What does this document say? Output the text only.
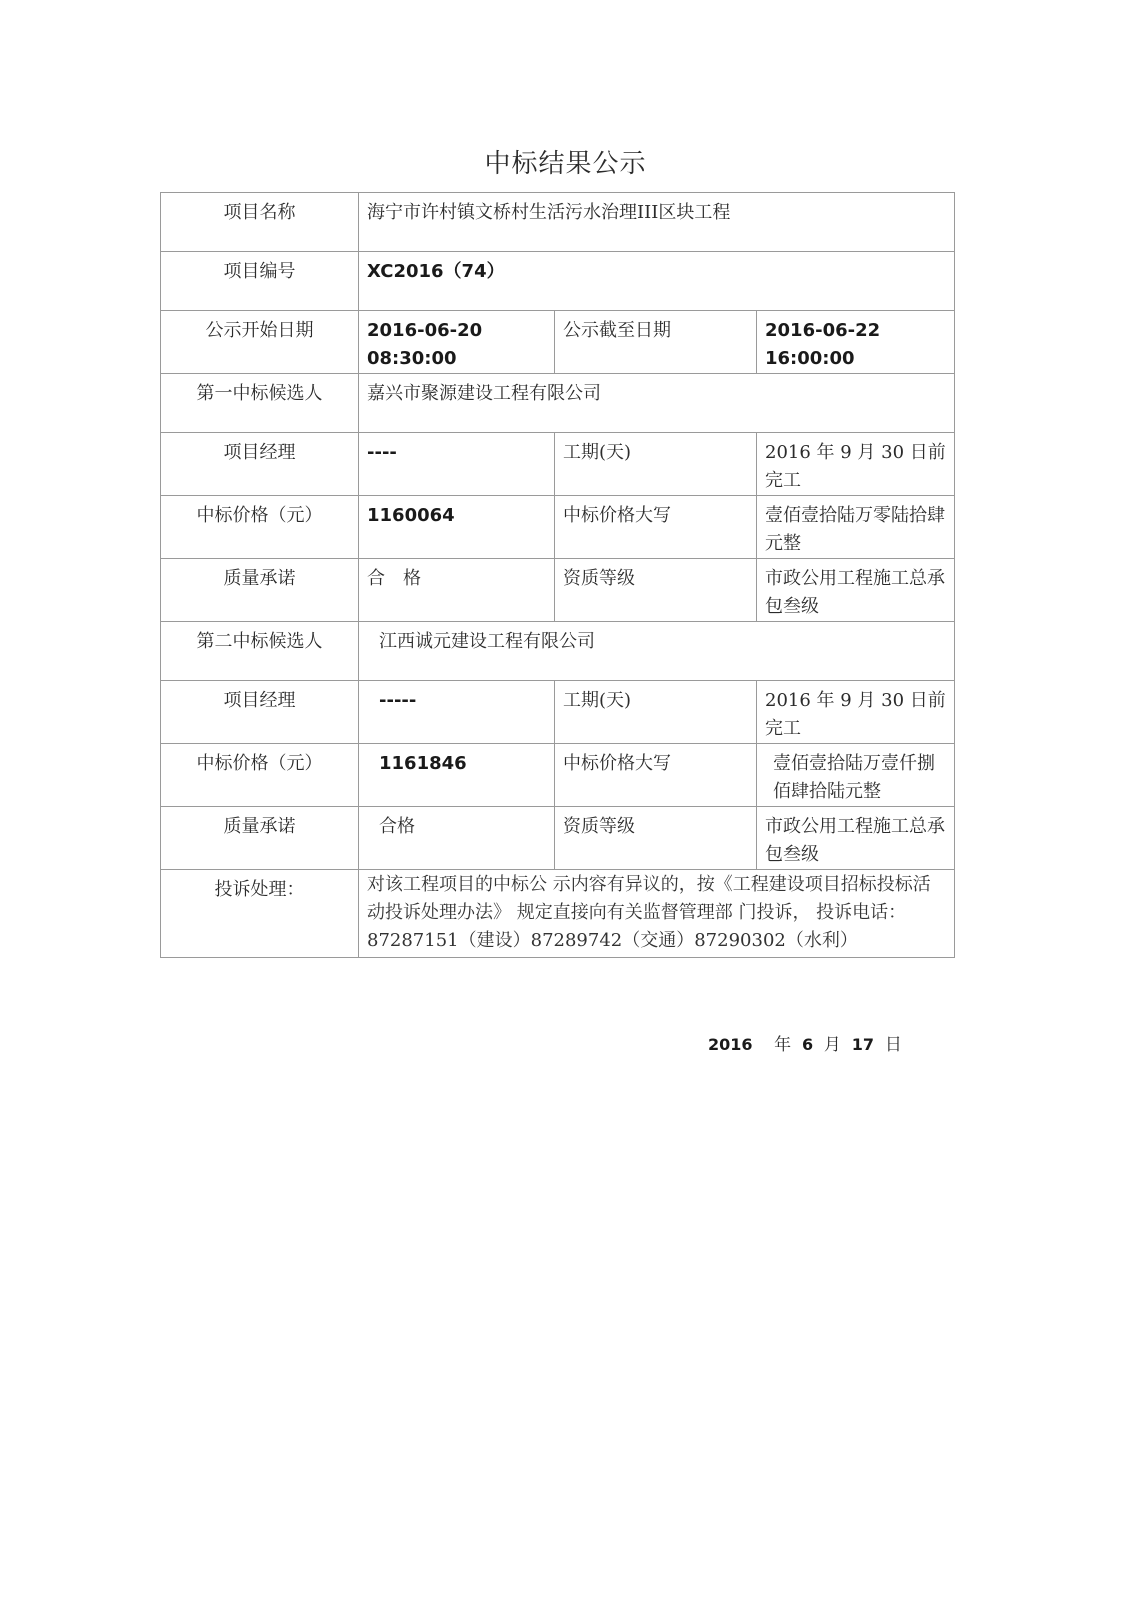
中标结果公示
项目名称	海宁市许村镇文桥村生活污水治理III区块工程		
项目编号	XC2016（74）		
公示开始日期	2016-06-20 08:30:00	公示截至日期	2016-06-22 16:00:00
第一中标候选人	嘉兴市聚源建设工程有限公司		
项目经理	----	工期(天)	2016 年 9 月 30 日前完工
中标价格（元）	1160064	中标价格大写	壹佰壹拾陆万零陆拾肆元整
质量承诺	合　格	资质等级	市政公用工程施工总承包叁级
第二中标候选人	江西诚元建设工程有限公司		
项目经理	-----	工期(天)	2016 年 9 月 30 日前完工
中标价格（元）	1161846	中标价格大写	壹佰壹拾陆万壹仟捌佰肆拾陆元整
质量承诺	合格	资质等级	市政公用工程施工总承包叁级
投诉处理：	对该工程项目的中标公 示内容有异议的，按《工程建设项目招标投标活动投诉处理办法》 规定直接向有关监督管理部 门投诉， 投诉电话：87287151（建设）87289742（交通）87290302（水利）		
2016 年 6 月 17 日
